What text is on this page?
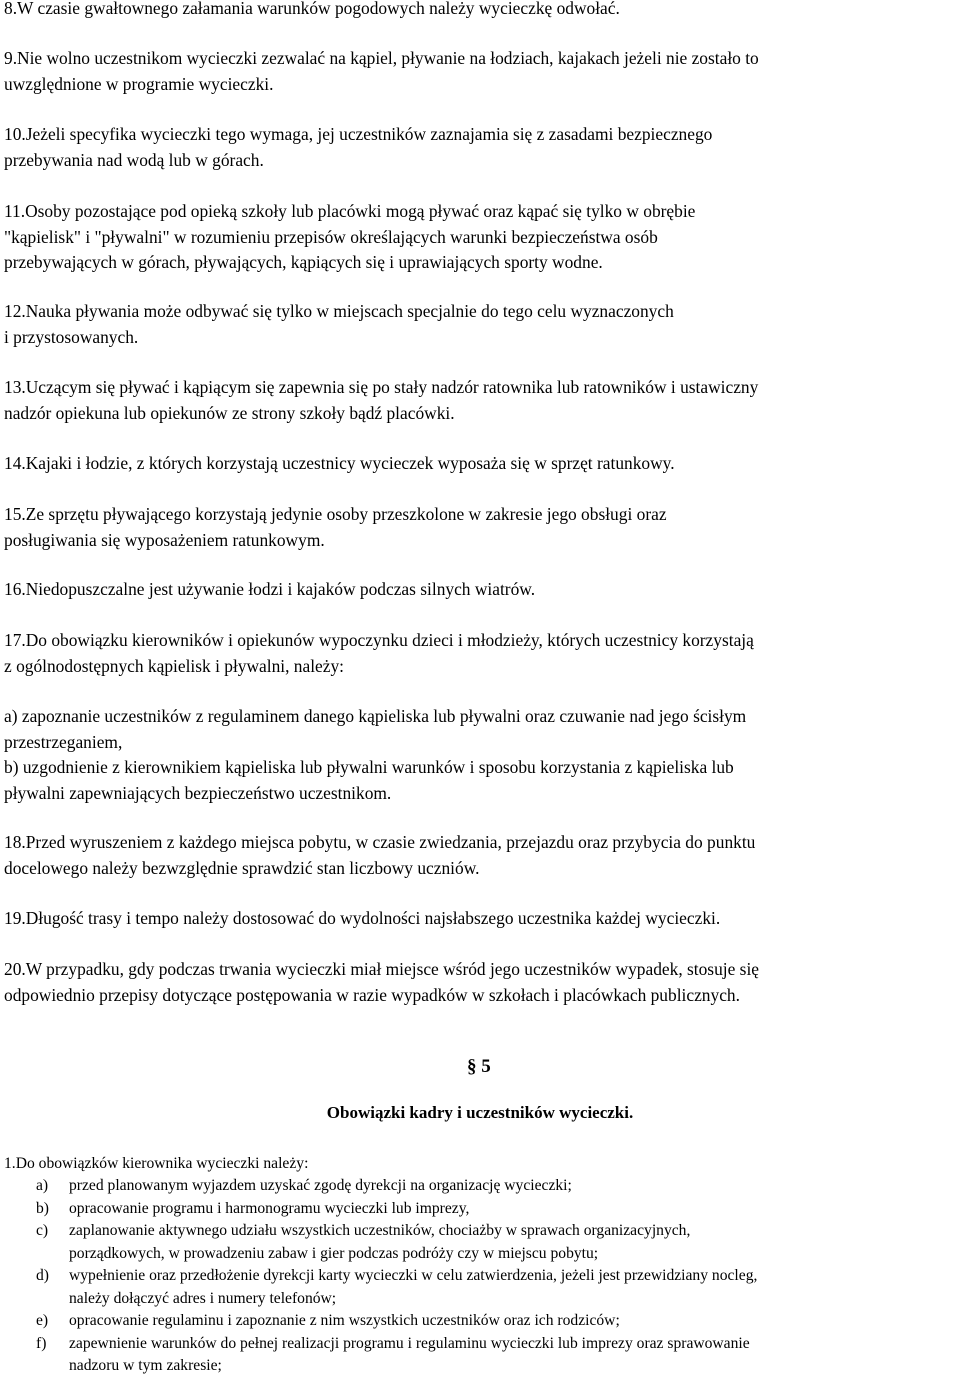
8.W czasie gwałtownego załamania warunków pogodowych należy wycieczkę odwołać.
9.Nie wolno uczestnikom wycieczki zezwalać na kąpiel, pływanie na łodziach, kajakach jeżeli nie zostało to
uwzględnione w programie wycieczki.
10.Jeżeli specyfika wycieczki tego wymaga, jej uczestników zaznajamia się z zasadami bezpiecznego
przebywania nad wodą lub w górach.
11.Osoby pozostające pod opieką szkoły lub placówki mogą pływać oraz kąpać się tylko w obrębie
"kąpielisk" i "pływalni" w rozumieniu przepisów określających warunki bezpieczeństwa osób
przebywających w górach, pływających, kąpiących się i uprawiających sporty wodne.
12.Nauka pływania może odbywać się tylko w miejscach specjalnie do tego celu wyznaczonych
i przystosowanych.
13.Uczącym się pływać i kąpiącym się zapewnia się po stały nadzór ratownika lub ratowników i ustawiczny
nadzór opiekuna lub opiekunów ze strony szkoły bądź placówki.
14.Kajaki i łodzie, z których korzystają uczestnicy wycieczek wyposaża się w sprzęt ratunkowy.
15.Ze sprzętu pływającego korzystają jedynie osoby przeszkolone w zakresie jego obsługi oraz
posługiwania się wyposażeniem ratunkowym.
16.Niedopuszczalne jest używanie łodzi i kajaków podczas silnych wiatrów.
17.Do obowiązku kierowników i opiekunów wypoczynku dzieci i młodzieży, których uczestnicy korzystają
z ogólnodostępnych kąpielisk i pływalni, należy:
a) zapoznanie uczestników z regulaminem danego kąpieliska lub pływalni oraz czuwanie nad jego ścisłym
przestrzeganiem,
b) uzgodnienie z kierownikiem kąpieliska lub pływalni warunków i sposobu korzystania z kąpieliska lub
pływalni zapewniających bezpieczeństwo uczestnikom.
18.Przed wyruszeniem z każdego miejsca pobytu, w czasie zwiedzania, przejazdu oraz przybycia do punktu
docelowego należy bezwzględnie sprawdzić stan liczbowy uczniów.
19.Długość trasy i tempo należy dostosować do wydolności najsłabszego uczestnika każdej wycieczki.
20.W przypadku, gdy podczas trwania wycieczki miał miejsce wśród jego uczestników wypadek, stosuje się
odpowiednio przepisy dotyczące postępowania w razie wypadków w szkołach i placówkach publicznych.
§ 5
Obowiązki kadry i uczestników wycieczki.
1.Do obowiązków kierownika wycieczki należy:
a) przed planowanym wyjazdem uzyskać zgodę dyrekcji na organizację wycieczki;
b) opracowanie programu i harmonogramu wycieczki lub imprezy,
c) zaplanowanie aktywnego udziału wszystkich uczestników, chociażby w sprawach organizacyjnych,
porządkowych, w prowadzeniu zabaw i gier podczas podróży czy w miejscu pobytu;
d) wypełnienie oraz przedłożenie dyrekcji karty wycieczki w celu zatwierdzenia, jeżeli jest przewidziany nocleg,
należy dołączyć adres i numery telefonów;
e) opracowanie regulaminu i zapoznanie z nim wszystkich uczestników oraz ich rodziców;
f) zapewnienie warunków do pełnej realizacji programu i regulaminu wycieczki lub imprezy oraz sprawowanie
nadzoru w tym zakresie;
